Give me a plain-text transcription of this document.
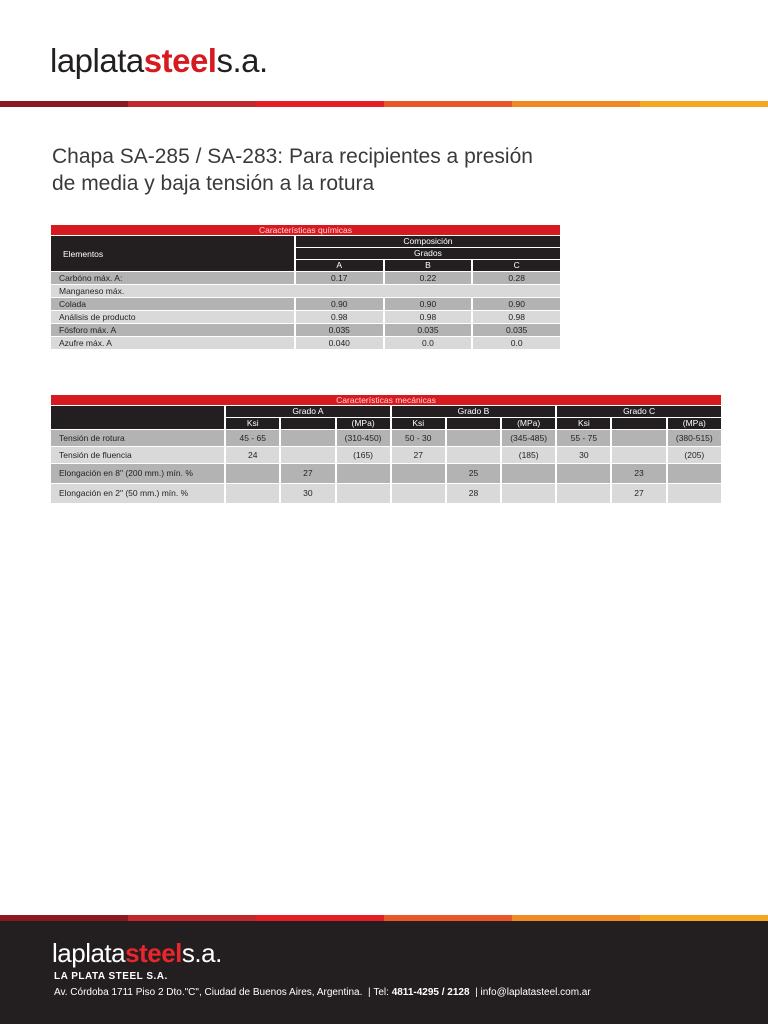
laplatasteels.a.
Chapa SA-285 / SA-283: Para recipientes a presión
de media y baja tensión a la rotura
Características químicas			
Elementos	Composición		
	Grados		
	A	B	C
Carbóno máx. A:	0.17	0.22	0.28
Manganeso máx.			
Colada	0.90	0.90	0.90
Análisis de producto	0.98	0.98	0.98
Fósforo máx. A	0.035	0.035	0.035
Azufre máx. A	0.040	0.0	0.0
Características mecánicas									
	Grado A			Grado B			Grado C		
	Ksi		(MPa)	Ksi		(MPa)	Ksi		(MPa)
Tensión de rotura	45 - 65		(310-450)	50 - 30		(345-485)	55 - 75		(380-515)
Tensión de fluencia	24		(165)	27		(185)	30		(205)
Elongación en 8" (200 mm.) mín. %		27			25			23	
Elongación en 2" (50 mm.) mín. %		30			28			27	
laplatasteels.a.
LA PLATA STEEL S.A.
Av. Córdoba 1711 Piso 2 Dto."C", Ciudad de Buenos Aires, Argentina.  | Tel: 4811-4295 / 2128  | info@laplatasteel.com.ar
